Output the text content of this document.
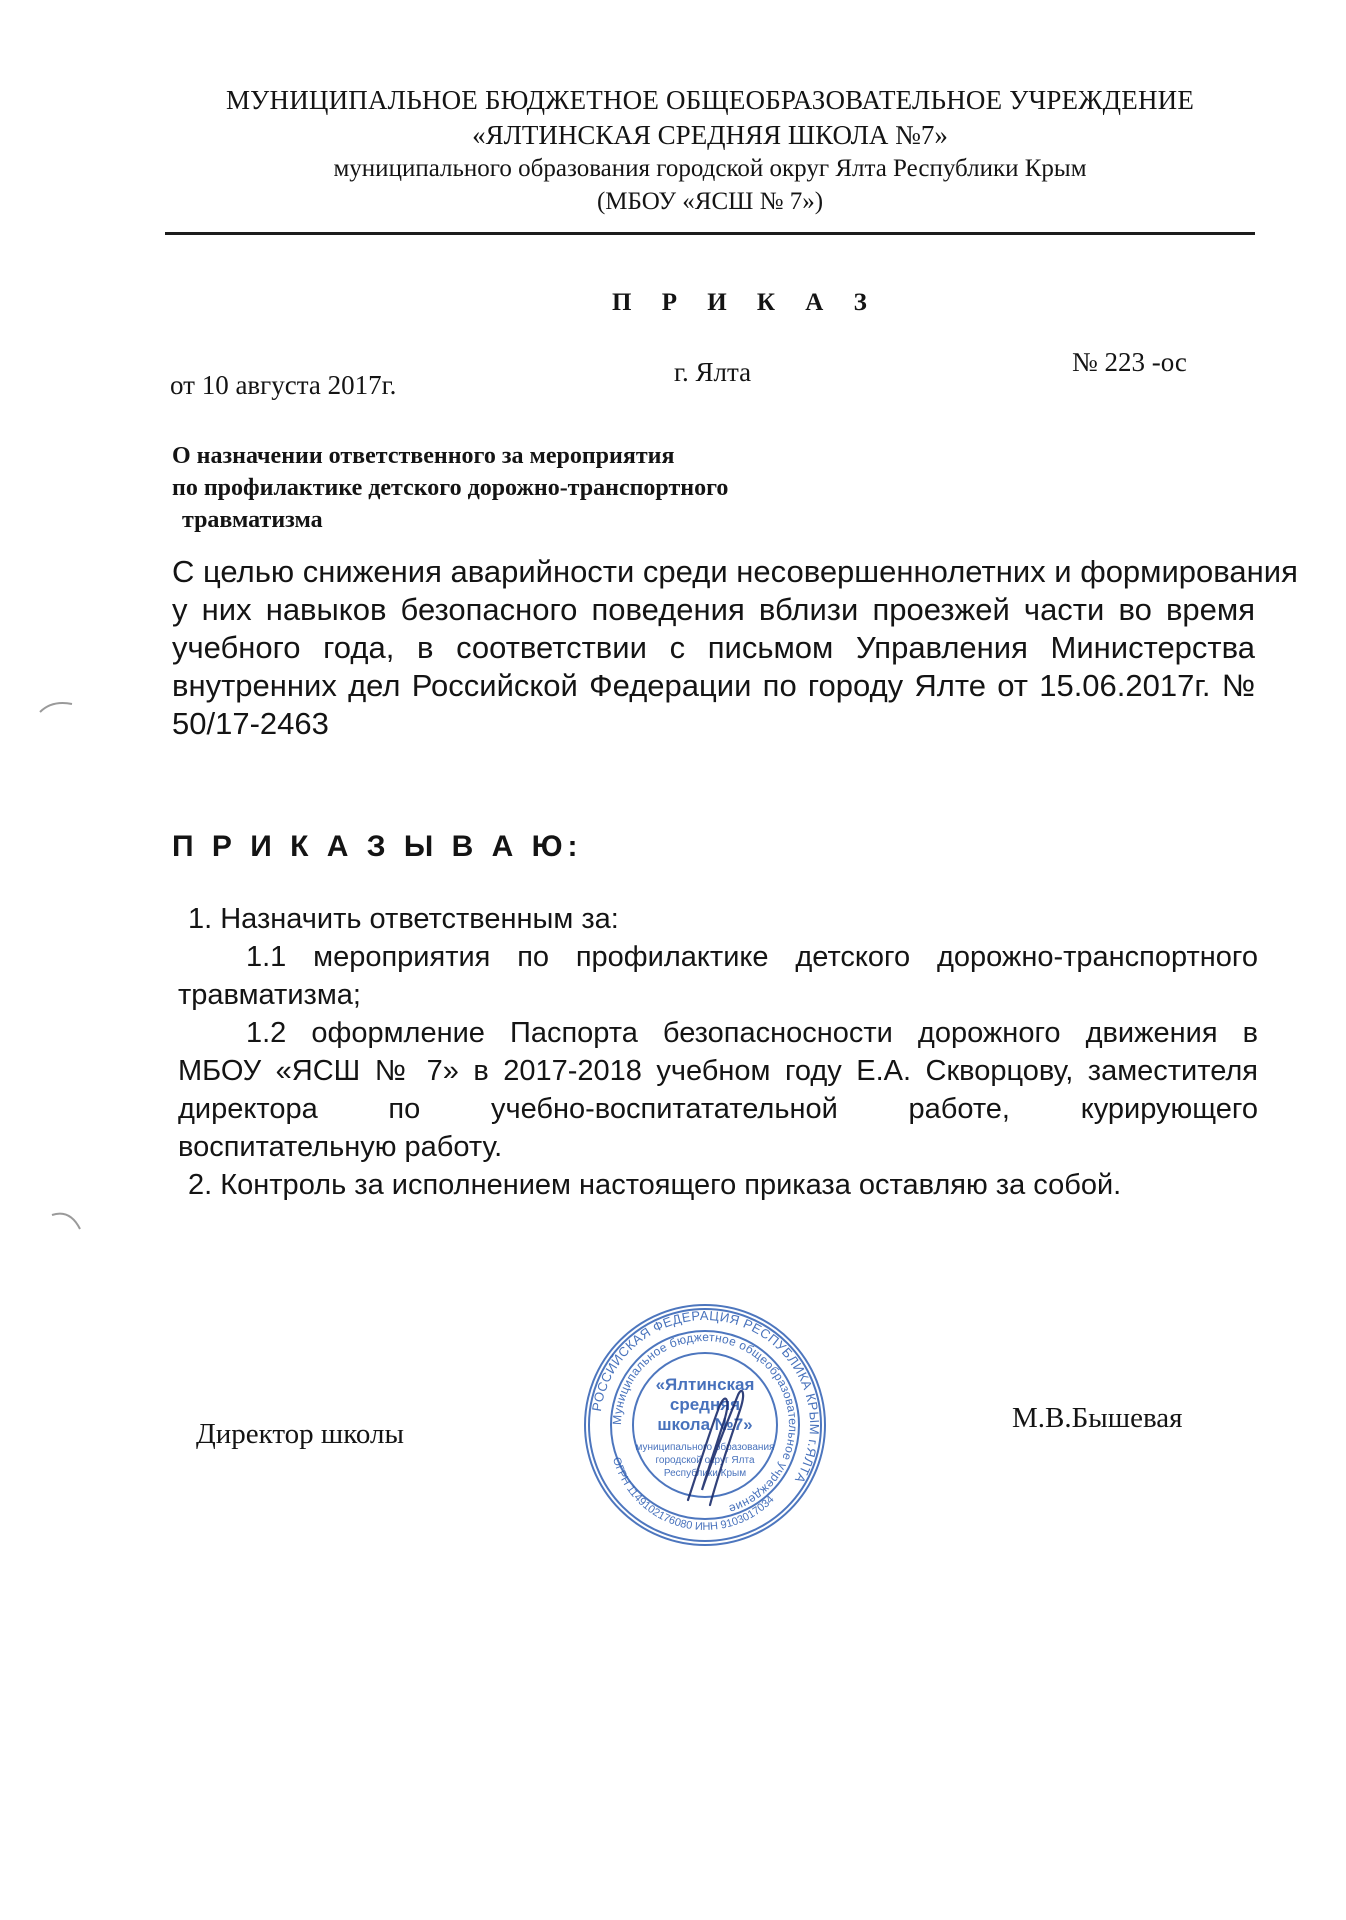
МУНИЦИПАЛЬНОЕ БЮДЖЕТНОЕ ОБЩЕОБРАЗОВАТЕЛЬНОЕ УЧРЕЖДЕНИЕ
«ЯЛТИНСКАЯ СРЕДНЯЯ ШКОЛА №7»
муниципального образования городской округ Ялта Республики Крым
(МБОУ «ЯСШ № 7»)
П Р И К А З
от 10 августа 2017г.	г. Ялта	№ 223 -ос
О назначении ответственного за мероприятия
по профилактике детского дорожно-транспортного
травматизма
С целью снижения аварийности среди несовершеннолетних и формирования
у них навыков безопасного поведения вблизи проезжей части во время
учебного года, в соответствии с письмом Управления Министерства
внутренних дел Российской Федерации по городу Ялте от 15.06.2017г. №
50/17-2463
П Р И К А З Ы В А Ю:
1. Назначить ответственным за:
1.1 мероприятия по профилактике детского дорожно-транспортного
травматизма;
1.2 оформление Паспорта безопасносности дорожного движения в
МБОУ «ЯСШ № 7» в 2017-2018 учебном году Е.А. Скворцову, заместителя
директора по учебно-воспитатательной работе, курирующего
воспитательную работу.
2. Контроль за исполнением настоящего приказа оставляю за собой.
Директор школы	М.В.Бышевая
РОССИЙСКАЯ ФЕДЕРАЦИЯ РЕСПУБЛИКА КРЫМ г.ЯЛТА
Муниципальное бюджетное общеобразовательное учреждение
ОГРН 1149102176080 ИНН 9103017034
«Ялтинская
средняя
школа №7»
муниципального образования
городской округ Ялта
Республики Крым
